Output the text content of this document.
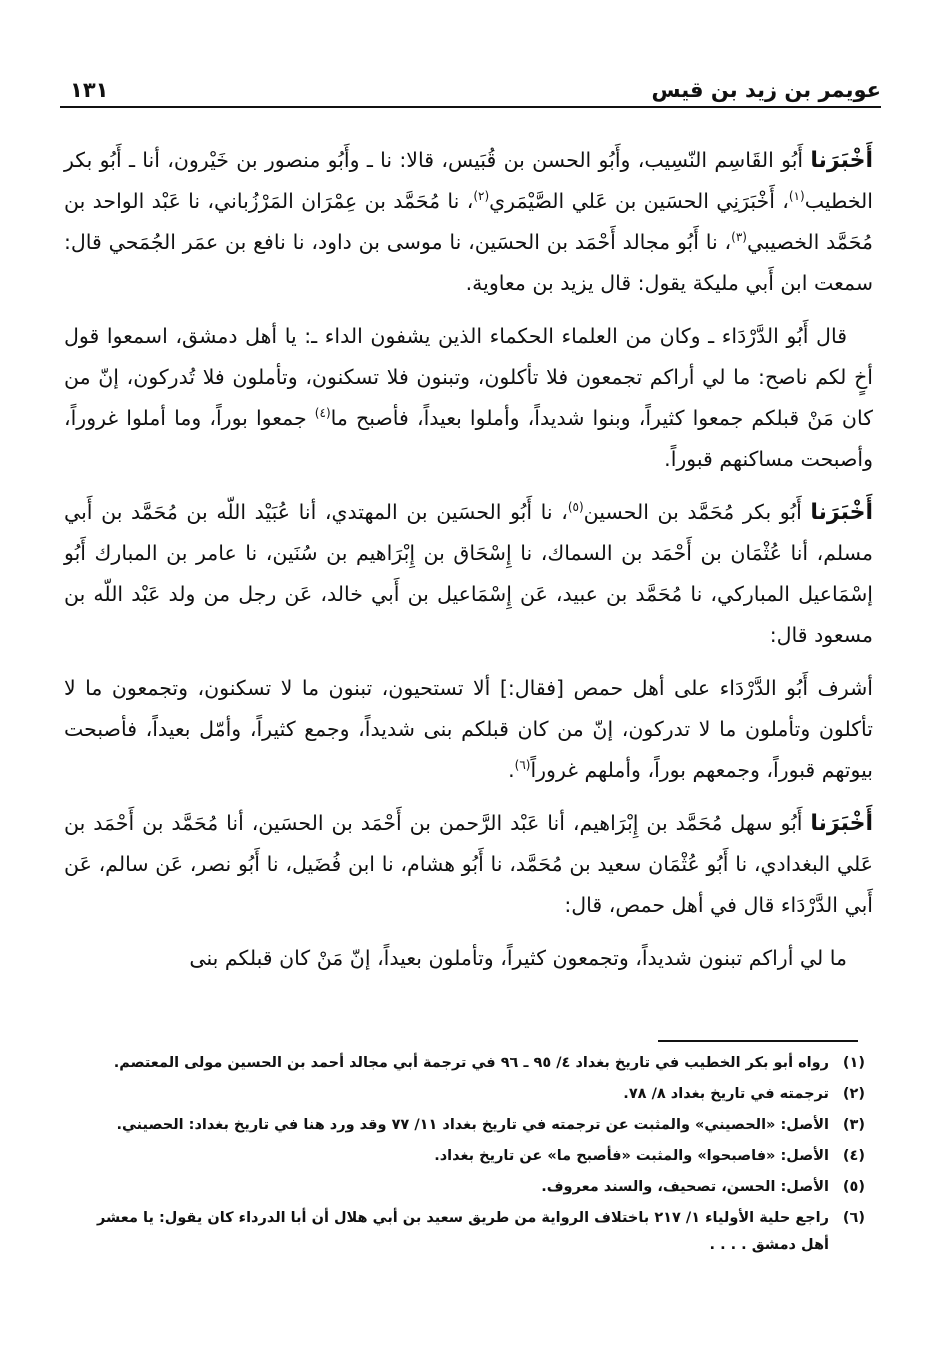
عويمر بن زيد بن قيس
١٣١

أَخْبَرَنا أَبُو القَاسِم النّسِيب، وأَبُو الحسن بن قُبَيس، قالا: نا ـ وأَبُو منصور بن خَيْرون، أنا ـ أَبُو بكر الخطيب$^{(١)}$، أَخْبَرَنِي الحسَين بن عَلي الصَّيْمَري$^{(٢)}$، نا مُحَمَّد بن عِمْرَان المَرْزُباني، نا عَبْد الواحد بن مُحَمَّد الخصيبي$^{(٣)}$، نا أَبُو مجالد أَحْمَد بن الحسَين، نا موسى بن داود، نا نافع بن عمَر الجُمَحي قال: سمعت ابن أَبي مليكة يقول: قال يزيد بن معاوية.

قال أَبُو الدَّرْدَاء ـ وكان من العلماء الحكماء الذين يشفون الداء ـ: يا أهل دمشق، اسمعوا قول أخٍ لكم ناصح: ما لي أراكم تجمعون فلا تأكلون، وتبنون فلا تسكنون، وتأملون فلا تُدركون، إنّ من كان مَنْ قبلكم جمعوا كثيراً، وبنوا شديداً، وأملوا بعيداً، فأصبح ما$^{(٤)}$ جمعوا بوراً، وما أملوا غروراً، وأصبحت مساكنهم قبوراً.

أَخْبَرَنا أَبُو بكر مُحَمَّد بن الحسين$^{(٥)}$، نا أَبُو الحسَين بن المهتدي، أنا عُبَيْد اللّه بن مُحَمَّد بن أَبي مسلم، أنا عُثْمَان بن أَحْمَد بن السماك، نا إِسْحَاق بن إِبْرَاهيم بن سُنَين، نا عامر بن المبارك أَبُو إسْمَاعيل المباركي، نا مُحَمَّد بن عبيد، عَن إِسْمَاعيل بن أَبي خالد، عَن رجل من ولد عَبْد اللّه بن مسعود قال:

أشرف أَبُو الدَّرْدَاء على أهل حمص [فقال:] ألا تستحيون، تبنون ما لا تسكنون، وتجمعون ما لا تأكلون وتأملون ما لا تدركون، إنّ من كان قبلكم بنى شديداً، وجمع كثيراً، وأمّل بعيداً، فأصبحت بيوتهم قبوراً، وجمعهم بوراً، وأملهم غروراً$^{(٦)}$.

أَخْبَرَنا أَبُو سهل مُحَمَّد بن إِبْرَاهيم، أنا عَبْد الرَّحمن بن أَحْمَد بن الحسَين، أنا مُحَمَّد بن أَحْمَد بن عَلي البغدادي، نا أَبُو عُثْمَان سعيد بن مُحَمَّد، نا أَبُو هشام، نا ابن فُضَيل، نا أَبُو نصر، عَن سالم، عَن أَبي الدَّرْدَاء قال في أهل حمص، قال:

ما لي أراكم تبنون شديداً، وتجمعون كثيراً، وتأملون بعيداً، إنّ مَنْ كان قبلكم بنى

(١)
رواه أبو بكر الخطيب في تاريخ بغداد ٤/ ٩٥ ـ ٩٦ في ترجمة أبي مجالد أحمد بن الحسين مولى المعتصم.
(٢)
ترجمته في تاريخ بغداد ٨/ ٧٨.
(٣)
الأصل: «الحصيني» والمثبت عن ترجمته في تاريخ بغداد ١١/ ٧٧ وقد ورد هنا في تاريخ بغداد: الحصيني.
(٤)
الأصل: «فاصبحوا» والمثبت «فأصبح ما» عن تاريخ بغداد.
(٥)
الأصل: الحسن، تصحيف، والسند معروف.
(٦)
راجع حلية الأولياء ١/ ٢١٧ باختلاف الرواية من طريق سعيد بن أبي هلال أن أبا الدرداء كان يقول: يا معشر أهل دمشق . . . .
